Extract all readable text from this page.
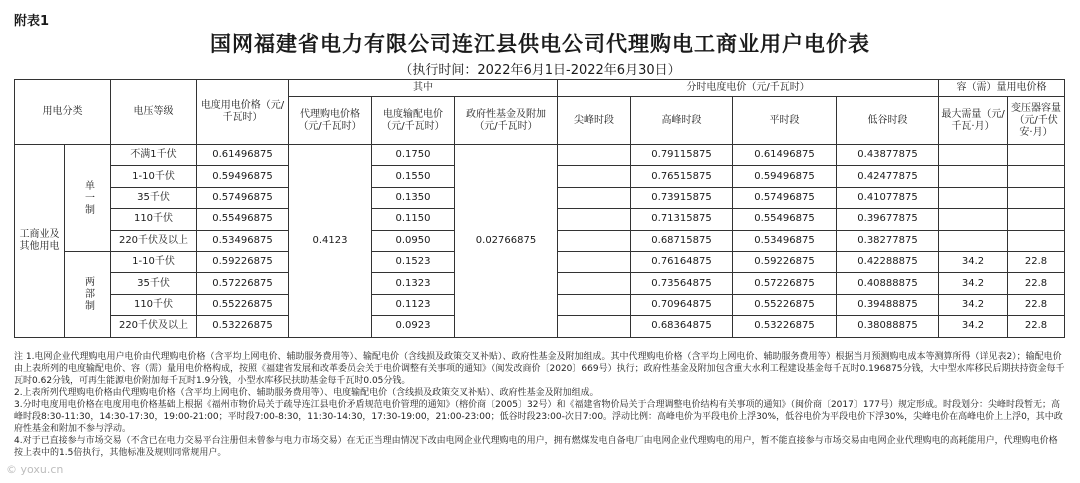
附表1
国网福建省电力有限公司连江县供电公司代理购电工商业用户电价表
（执行时间：2022年6月1日-2022年6月30日）
用电分类		电压等级	电度用电价格（元/千瓦时）	其中			分时电度电价（元/千瓦时）				容（需）量用电价格	
				代理购电价格（元/千瓦时）	电度输配电价（元/千瓦时）	政府性基金及附加（元/千瓦时）	尖峰时段	高峰时段	平时段	低谷时段	最大需量（元/千瓦·月）	变压器容量（元/千伏安·月）
工商业及其他用电	单一制	不满1千伏	0.61496875	0.4123	0.1750	0.02766875		0.79115875	0.61496875	0.43877875		
		1-10千伏	0.59496875		0.1550			0.76515875	0.59496875	0.42477875		
		35千伏	0.57496875		0.1350			0.73915875	0.57496875	0.41077875		
		110千伏	0.55496875		0.1150			0.71315875	0.55496875	0.39677875		
		220千伏及以上	0.53496875		0.0950			0.68715875	0.53496875	0.38277875		
	两部制	1-10千伏	0.59226875		0.1523			0.76164875	0.59226875	0.42288875	34.2	22.8
		35千伏	0.57226875		0.1323			0.73564875	0.57226875	0.40888875	34.2	22.8
		110千伏	0.55226875		0.1123			0.70964875	0.55226875	0.39488875	34.2	22.8
		220千伏及以上	0.53226875		0.0923			0.68364875	0.53226875	0.38088875	34.2	22.8

注 1.电网企业代理购电用户电价由代理购电价格（含平均上网电价、辅助服务费用等）、输配电价（含线损及政策交叉补贴）、政府性基金及附加组成。其中代理购电价格（含平均上网电价、辅助服务费用等）根据当月预测购电成本等测算所得（详见表2）；输配电价由上表所列的电度输配电价、容（需）量用电价格构成，按照《福建省发展和改革委员会关于电价调整有关事项的通知》（闽发改商价〔2020〕669号）执行；政府性基金及附加包含重大水利工程建设基金每千瓦时0.196875分钱，大中型水库移民后期扶持资金每千瓦时0.62分钱，可再生能源电价附加每千瓦时1.9分钱，小型水库移民扶助基金每千瓦时0.05分钱。

2.上表所列代理购电价格由代理购电价格（含平均上网电价、辅助服务费用等）、电度输配电价（含线损及政策交叉补贴）、政府性基金及附加组成。

3.分时电度用电价格在电度用电价格基础上根据《福州市物价局关于疏导连江县电价矛盾规范电价管理的通知》（榕价商〔2005〕32号）和《福建省物价局关于合理调整电价结构有关事项的通知》（闽价商〔2017〕177号）规定形成。时段划分：尖峰时段暂无；高峰时段8:30-11:30，14:30-17:30，19:00-21:00；平时段7:00-8:30，11:30-14:30，17:30-19:00，21:00-23:00；低谷时段23:00-次日7:00。浮动比例：高峰电价为平段电价上浮30%，低谷电价为平段电价下浮30%，尖峰电价在高峰电价上上浮0，其中政府性基金和附加不参与浮动。

4.对于已直接参与市场交易（不含已在电力交易平台注册但未曾参与电力市场交易）在无正当理由情况下改由电网企业代理购电的用户，拥有燃煤发电自备电厂由电网企业代理购电的用户，暂不能直接参与市场交易由电网企业代理购电的高耗能用户，代理购电价格按上表中的1.5倍执行，其他标准及规则同常规用户。

© yoxu.cn
